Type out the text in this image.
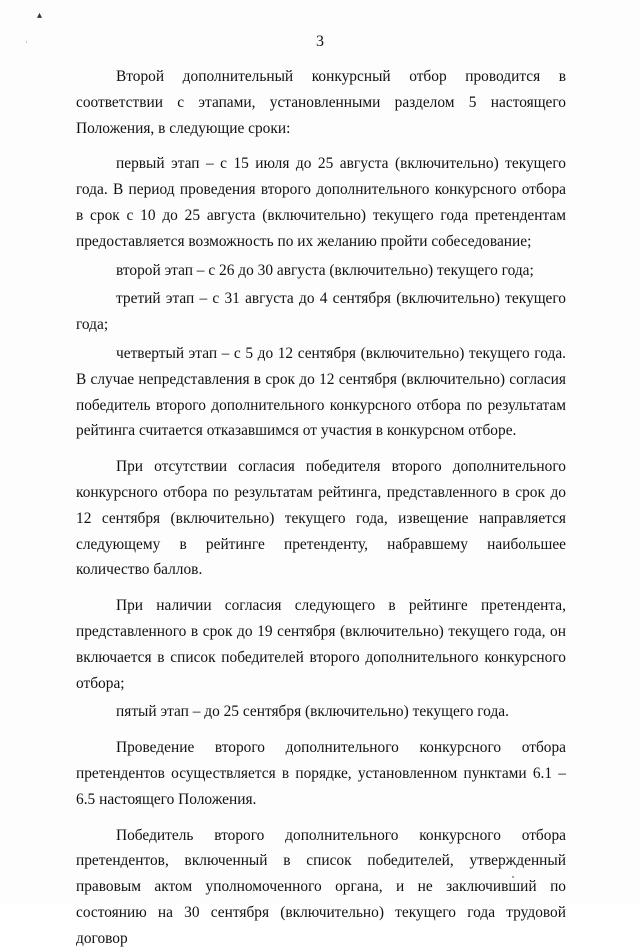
▴
˙	3

Второй дополнительный конкурсный отбор проводится в соответствии с этапами, установленными разделом 5 настоящего Положения, в следующие сроки:

первый этап – с 15 июля до 25 августа (включительно) текущего года. В период проведения второго дополнительного конкурсного отбора в срок с 10 до 25 августа (включительно) текущего года претендентам предоставляется возможность по их желанию пройти собеседование;

второй этап – с 26 до 30 августа (включительно) текущего года;

третий этап – с 31 августа до 4 сентября (включительно) текущего года;

четвертый этап – с 5 до 12 сентября (включительно) текущего года. В случае непредставления в срок до 12 сентября (включительно) согласия победитель второго дополнительного конкурсного отбора по результатам рейтинга считается отказавшимся от участия в конкурсном отборе.

При отсутствии согласия победителя второго дополнительного конкурсного отбора по результатам рейтинга, представленного в срок до 12 сентября (включительно) текущего года, извещение направляется следующему в рейтинге претенденту, набравшему наибольшее количество баллов.

При наличии согласия следующего в рейтинге претендента, представленного в срок до 19 сентября (включительно) текущего года, он включается в список победителей второго дополнительного конкурсного отбора;

пятый этап – до 25 сентября (включительно) текущего года.

Проведение второго дополнительного конкурсного отбора претендентов осуществляется в порядке, установленном пунктами 6.1 – 6.5 настоящего Положения.

Победитель второго дополнительного конкурсного отбора претендентов, включенный в список победителей, утвержденный правовым актом уполномоченного органа, и не заключивший по состоянию на 30 сентября (включительно) текущего года трудовой договор
